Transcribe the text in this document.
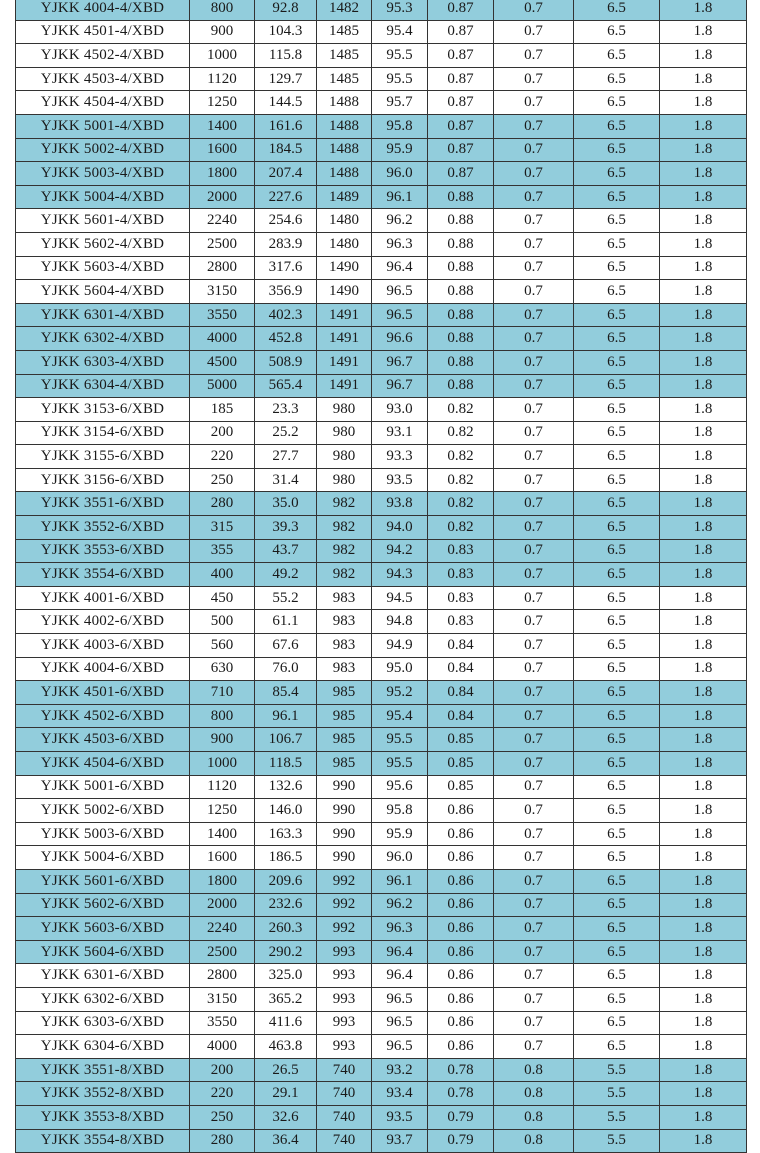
YJKK 4004-4/XBD	800	92.8	1482	95.3	0.87	0.7	6.5	1.8	
YJKK 4501-4/XBD	900	104.3	1485	95.4	0.87	0.7	6.5	1.8	
YJKK 4502-4/XBD	1000	115.8	1485	95.5	0.87	0.7	6.5	1.8	
YJKK 4503-4/XBD	1120	129.7	1485	95.5	0.87	0.7	6.5	1.8	
YJKK 4504-4/XBD	1250	144.5	1488	95.7	0.87	0.7	6.5	1.8	
YJKK 5001-4/XBD	1400	161.6	1488	95.8	0.87	0.7	6.5	1.8	
YJKK 5002-4/XBD	1600	184.5	1488	95.9	0.87	0.7	6.5	1.8	
YJKK 5003-4/XBD	1800	207.4	1488	96.0	0.87	0.7	6.5	1.8	
YJKK 5004-4/XBD	2000	227.6	1489	96.1	0.88	0.7	6.5	1.8	
YJKK 5601-4/XBD	2240	254.6	1480	96.2	0.88	0.7	6.5	1.8	
YJKK 5602-4/XBD	2500	283.9	1480	96.3	0.88	0.7	6.5	1.8	
YJKK 5603-4/XBD	2800	317.6	1490	96.4	0.88	0.7	6.5	1.8	
YJKK 5604-4/XBD	3150	356.9	1490	96.5	0.88	0.7	6.5	1.8	
YJKK 6301-4/XBD	3550	402.3	1491	96.5	0.88	0.7	6.5	1.8	
YJKK 6302-4/XBD	4000	452.8	1491	96.6	0.88	0.7	6.5	1.8	
YJKK 6303-4/XBD	4500	508.9	1491	96.7	0.88	0.7	6.5	1.8	
YJKK 6304-4/XBD	5000	565.4	1491	96.7	0.88	0.7	6.5	1.8	
YJKK 3153-6/XBD	185	23.3	980	93.0	0.82	0.7	6.5	1.8	
YJKK 3154-6/XBD	200	25.2	980	93.1	0.82	0.7	6.5	1.8	
YJKK 3155-6/XBD	220	27.7	980	93.3	0.82	0.7	6.5	1.8	
YJKK 3156-6/XBD	250	31.4	980	93.5	0.82	0.7	6.5	1.8	
YJKK 3551-6/XBD	280	35.0	982	93.8	0.82	0.7	6.5	1.8	
YJKK 3552-6/XBD	315	39.3	982	94.0	0.82	0.7	6.5	1.8	
YJKK 3553-6/XBD	355	43.7	982	94.2	0.83	0.7	6.5	1.8	
YJKK 3554-6/XBD	400	49.2	982	94.3	0.83	0.7	6.5	1.8	
YJKK 4001-6/XBD	450	55.2	983	94.5	0.83	0.7	6.5	1.8	
YJKK 4002-6/XBD	500	61.1	983	94.8	0.83	0.7	6.5	1.8	
YJKK 4003-6/XBD	560	67.6	983	94.9	0.84	0.7	6.5	1.8	
YJKK 4004-6/XBD	630	76.0	983	95.0	0.84	0.7	6.5	1.8	
YJKK 4501-6/XBD	710	85.4	985	95.2	0.84	0.7	6.5	1.8	
YJKK 4502-6/XBD	800	96.1	985	95.4	0.84	0.7	6.5	1.8	
YJKK 4503-6/XBD	900	106.7	985	95.5	0.85	0.7	6.5	1.8	
YJKK 4504-6/XBD	1000	118.5	985	95.5	0.85	0.7	6.5	1.8	
YJKK 5001-6/XBD	1120	132.6	990	95.6	0.85	0.7	6.5	1.8	
YJKK 5002-6/XBD	1250	146.0	990	95.8	0.86	0.7	6.5	1.8	
YJKK 5003-6/XBD	1400	163.3	990	95.9	0.86	0.7	6.5	1.8	
YJKK 5004-6/XBD	1600	186.5	990	96.0	0.86	0.7	6.5	1.8	
YJKK 5601-6/XBD	1800	209.6	992	96.1	0.86	0.7	6.5	1.8	
YJKK 5602-6/XBD	2000	232.6	992	96.2	0.86	0.7	6.5	1.8	
YJKK 5603-6/XBD	2240	260.3	992	96.3	0.86	0.7	6.5	1.8	
YJKK 5604-6/XBD	2500	290.2	993	96.4	0.86	0.7	6.5	1.8	
YJKK 6301-6/XBD	2800	325.0	993	96.4	0.86	0.7	6.5	1.8	
YJKK 6302-6/XBD	3150	365.2	993	96.5	0.86	0.7	6.5	1.8	
YJKK 6303-6/XBD	3550	411.6	993	96.5	0.86	0.7	6.5	1.8	
YJKK 6304-6/XBD	4000	463.8	993	96.5	0.86	0.7	6.5	1.8	
YJKK 3551-8/XBD	200	26.5	740	93.2	0.78	0.8	5.5	1.8	
YJKK 3552-8/XBD	220	29.1	740	93.4	0.78	0.8	5.5	1.8	
YJKK 3553-8/XBD	250	32.6	740	93.5	0.79	0.8	5.5	1.8	
YJKK 3554-8/XBD	280	36.4	740	93.7	0.79	0.8	5.5	1.8	
